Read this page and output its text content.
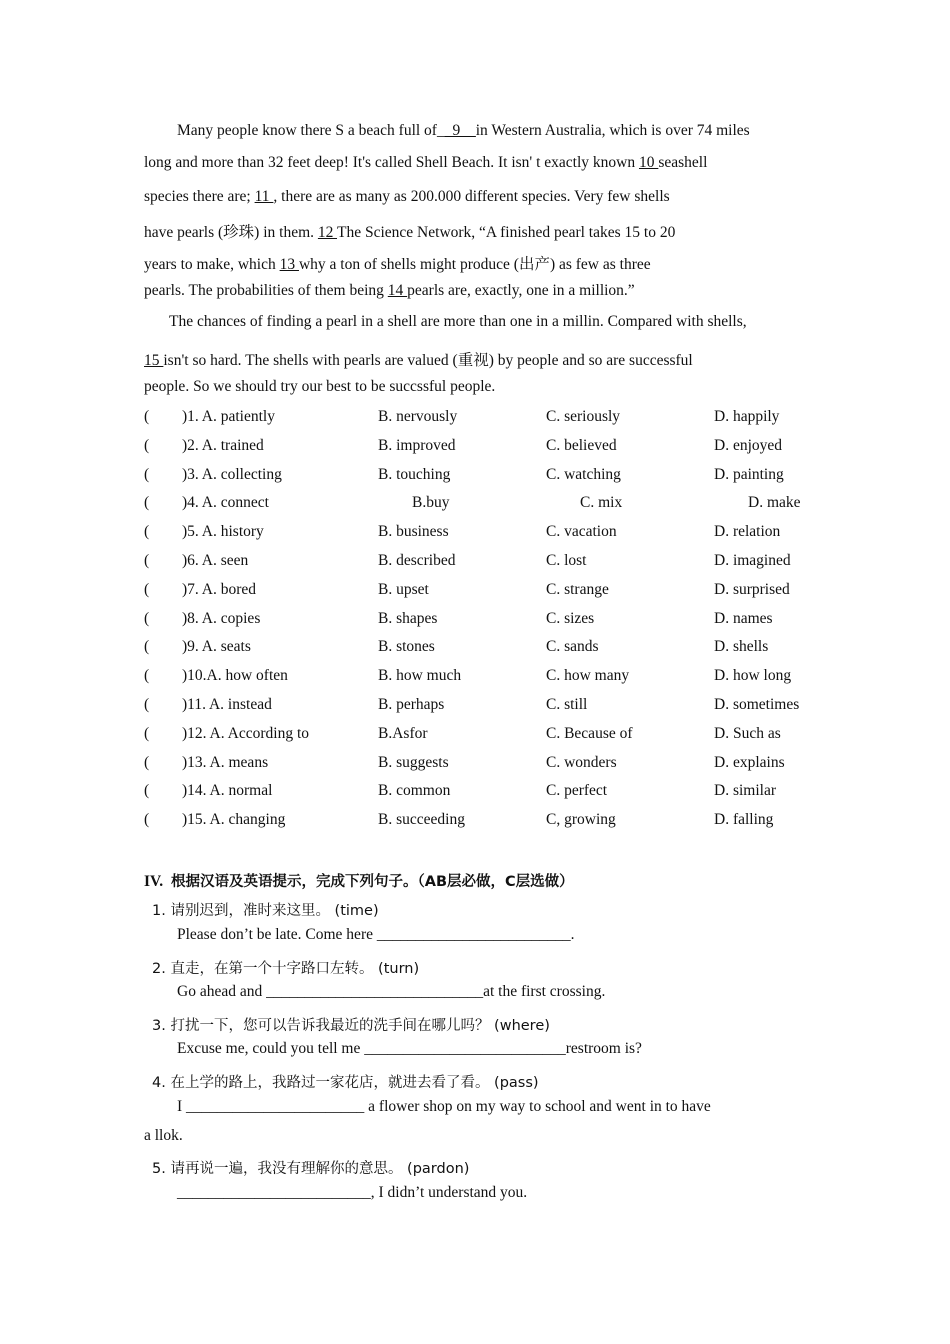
Many people know there S a beach full of__9__in Western Australia, which is over 74 miles
long and more than 32 feet deep! It's called Shell Beach. It isn' t exactly known 10 seashell
species there are; 11 , there are as many as 200.000 different species. Very few shells
have pearls (珍珠) in them. 12 The Science Network, “A finished pearl takes 15 to 20
years to make, which 13 why a ton of shells might produce (出产) as few as three
pearls. The probabilities of them being 14 pearls are, exactly, one in a million.”
The chances of finding a pearl in a shell are more than one in a millin. Compared with shells,
15 isn't so hard. The shells with pearls are valued (重视) by people and so are successful
people. So we should try our best to be succssful people.
( )1. A. patiently	B. nervously	C. seriously	D. happily
( )2. A. trained	B. improved	C. believed	D. enjoyed
( )3. A. collecting	B. touching	C. watching	D. painting
( )4. A. connect	B.buy	C. mix	D. make
( )5. A. history	B. business	C. vacation	D. relation
( )6. A. seen	B. described	C. lost	D. imagined
( )7. A. bored	B. upset	C. strange	D. surprised
( )8. A. copies	B. shapes	C. sizes	D. names
( )9. A. seats	B. stones	C. sands	D. shells
( )10.A. how often	B. how much	C. how many	D. how long
( )11. A. instead	B. perhaps	C. still	D. sometimes
( )12. A. According to	B.Asfor	C. Because of	D. Such as
( )13. A. means	B. suggests	C. wonders	D. explains
( )14. A. normal	B. common	C. perfect	D. similar
( )15. A. changing	B. succeeding	C, growing	D. falling
IV. 根据汉语及英语提示，完成下列句子。（AB层必做，C层选做）
1. 请别迟到，准时来这里。 (time)
Please don’t be late. Come here _________________________.
2. 直走，在第一个十字路口左转。 (turn)
Go ahead and ____________________________at the first crossing.
3. 打扰一下，您可以告诉我最近的洗手间在哪儿吗？ (where)
Excuse me, could you tell me __________________________restroom is?
4. 在上学的路上，我路过一家花店，就进去看了看。 (pass)
I _______________________ a flower shop on my way to school and went in to have
a llok.
5. 请再说一遍，我没有理解你的意思。 (pardon)
_________________________, I didn’t understand you.
